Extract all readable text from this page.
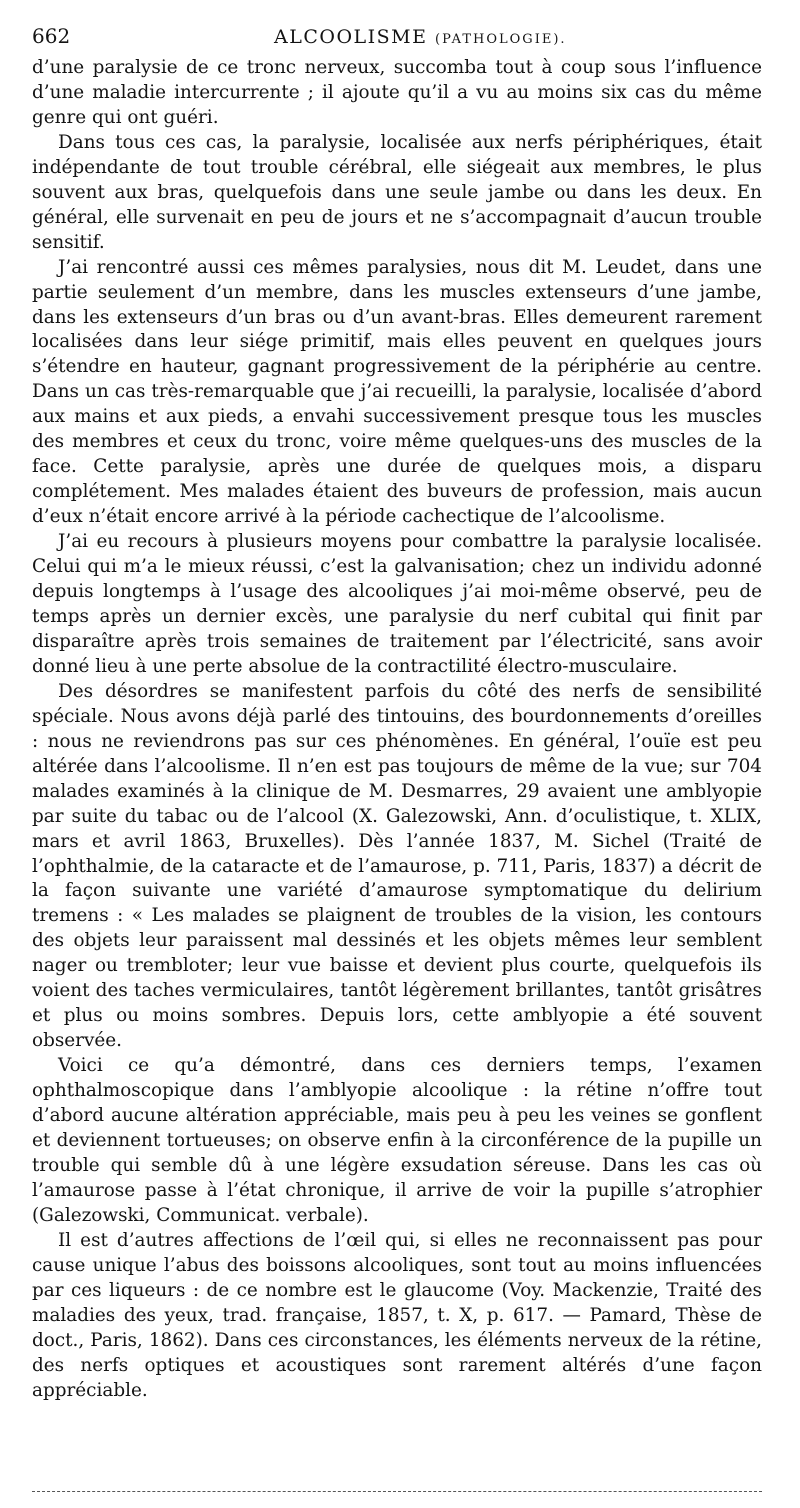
662	ALCOOLISME (PATHOLOGIE).

d’une paralysie de ce tronc nerveux, succomba tout à coup sous l’influence d’une maladie intercurrente ; il ajoute qu’il a vu au moins six cas du même genre qui ont guéri.

Dans tous ces cas, la paralysie, localisée aux nerfs périphériques, était indépendante de tout trouble cérébral, elle siégeait aux membres, le plus souvent aux bras, quelquefois dans une seule jambe ou dans les deux. En général, elle survenait en peu de jours et ne s’accompagnait d’aucun trouble sensitif.

J’ai rencontré aussi ces mêmes paralysies, nous dit M. Leudet, dans une partie seulement d’un membre, dans les muscles extenseurs d’une jambe, dans les extenseurs d’un bras ou d’un avant-bras. Elles demeurent rarement localisées dans leur siége primitif, mais elles peuvent en quelques jours s’étendre en hauteur, gagnant progressivement de la périphérie au centre. Dans un cas très-remarquable que j’ai recueilli, la paralysie, localisée d’abord aux mains et aux pieds, a envahi successivement presque tous les muscles des membres et ceux du tronc, voire même quelques-uns des muscles de la face. Cette paralysie, après une durée de quelques mois, a disparu complétement. Mes malades étaient des buveurs de profession, mais aucun d’eux n’était encore arrivé à la période cachectique de l’alcoolisme.

J’ai eu recours à plusieurs moyens pour combattre la paralysie localisée. Celui qui m’a le mieux réussi, c’est la galvanisation; chez un individu adonné depuis longtemps à l’usage des alcooliques j’ai moi-même observé, peu de temps après un dernier excès, une paralysie du nerf cubital qui finit par disparaître après trois semaines de traitement par l’électricité, sans avoir donné lieu à une perte absolue de la contractilité électro-musculaire.

Des désordres se manifestent parfois du côté des nerfs de sensibilité spéciale. Nous avons déjà parlé des tintouins, des bourdonnements d’oreilles : nous ne reviendrons pas sur ces phénomènes. En général, l’ouïe est peu altérée dans l’alcoolisme. Il n’en est pas toujours de même de la vue; sur 704 malades examinés à la clinique de M. Desmarres, 29 avaient une amblyopie par suite du tabac ou de l’alcool (X. Galezowski, Ann. d’oculistique, t. XLIX, mars et avril 1863, Bruxelles). Dès l’année 1837, M. Sichel (Traité de l’ophthalmie, de la cataracte et de l’amaurose, p. 711, Paris, 1837) a décrit de la façon suivante une variété d’amaurose symptomatique du delirium tremens : « Les malades se plaignent de troubles de la vision, les contours des objets leur paraissent mal dessinés et les objets mêmes leur semblent nager ou trembloter; leur vue baisse et devient plus courte, quelquefois ils voient des taches vermiculaires, tantôt légèrement brillantes, tantôt grisâtres et plus ou moins sombres. Depuis lors, cette amblyopie a été souvent observée.

Voici ce qu’a démontré, dans ces derniers temps, l’examen ophthalmoscopique dans l’amblyopie alcoolique : la rétine n’offre tout d’abord aucune altération appréciable, mais peu à peu les veines se gonflent et deviennent tortueuses; on observe enfin à la circonférence de la pupille un trouble qui semble dû à une légère exsudation séreuse. Dans les cas où l’amaurose passe à l’état chronique, il arrive de voir la pupille s’atrophier (Galezowski, Communicat. verbale).

Il est d’autres affections de l’œil qui, si elles ne reconnaissent pas pour cause unique l’abus des boissons alcooliques, sont tout au moins influencées par ces liqueurs : de ce nombre est le glaucome (Voy. Mackenzie, Traité des maladies des yeux, trad. française, 1857, t. X, p. 617. — Pamard, Thèse de doct., Paris, 1862). Dans ces circonstances, les éléments nerveux de la rétine, des nerfs optiques et acoustiques sont rarement altérés d’une façon appréciable.
